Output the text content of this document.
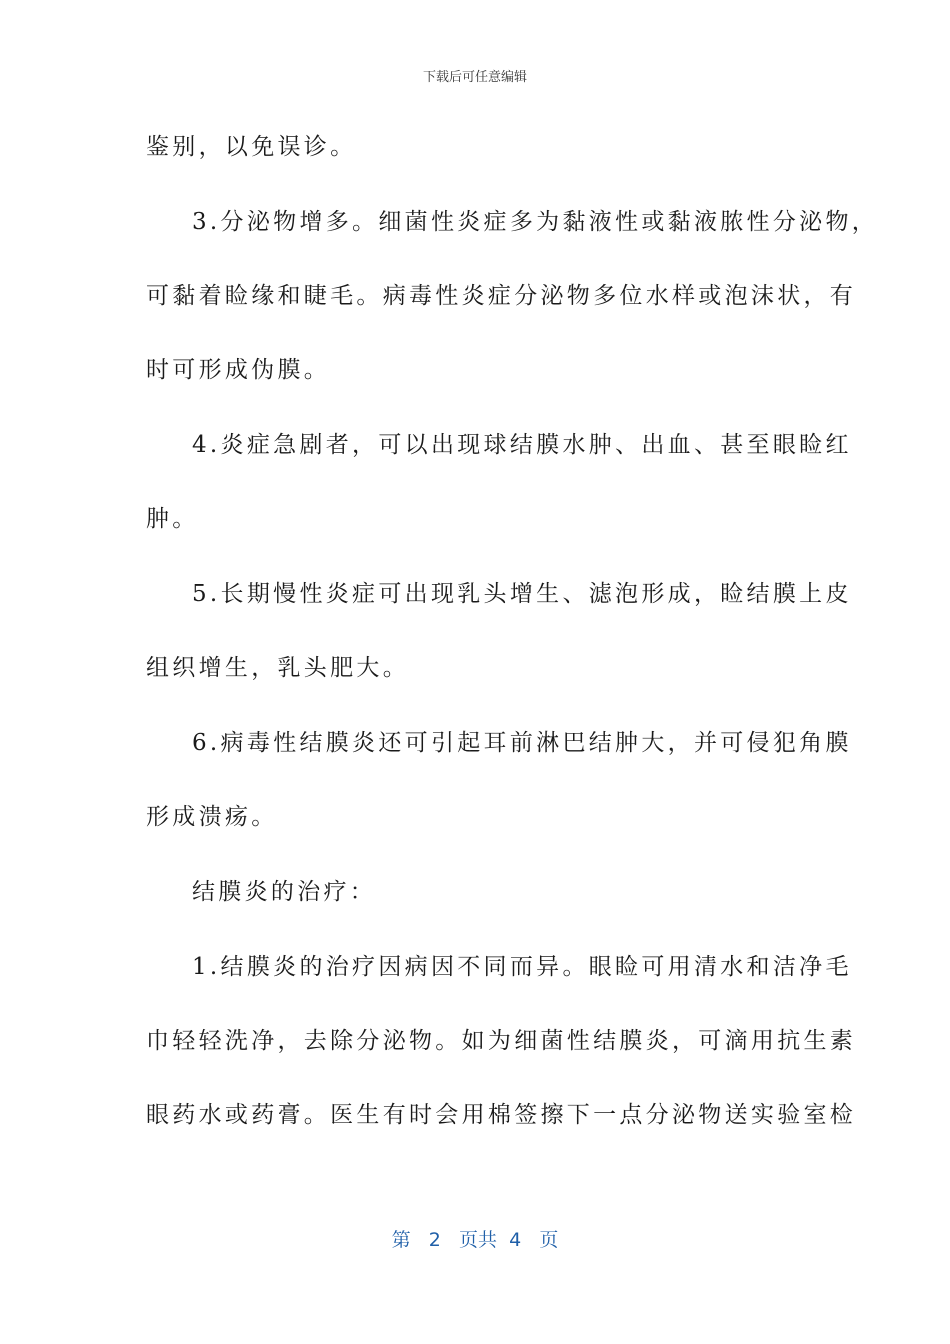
下载后可任意编辑
鉴别，以免误诊。
3.分泌物增多。细菌性炎症多为黏液性或黏液脓性分泌物，
可黏着睑缘和睫毛。病毒性炎症分泌物多位水样或泡沫状，有
时可形成伪膜。
4.炎症急剧者，可以出现球结膜水肿、出血、甚至眼睑红
肿。
5.长期慢性炎症可出现乳头增生、滤泡形成，睑结膜上皮
组织增生，乳头肥大。
6.病毒性结膜炎还可引起耳前淋巴结肿大，并可侵犯角膜
形成溃疡。
结膜炎的治疗：
1.结膜炎的治疗因病因不同而异。眼睑可用清水和洁净毛
巾轻轻洗净，去除分泌物。如为细菌性结膜炎，可滴用抗生素
眼药水或药膏。医生有时会用棉签擦下一点分泌物送实验室检
第 2 页共 4 页
